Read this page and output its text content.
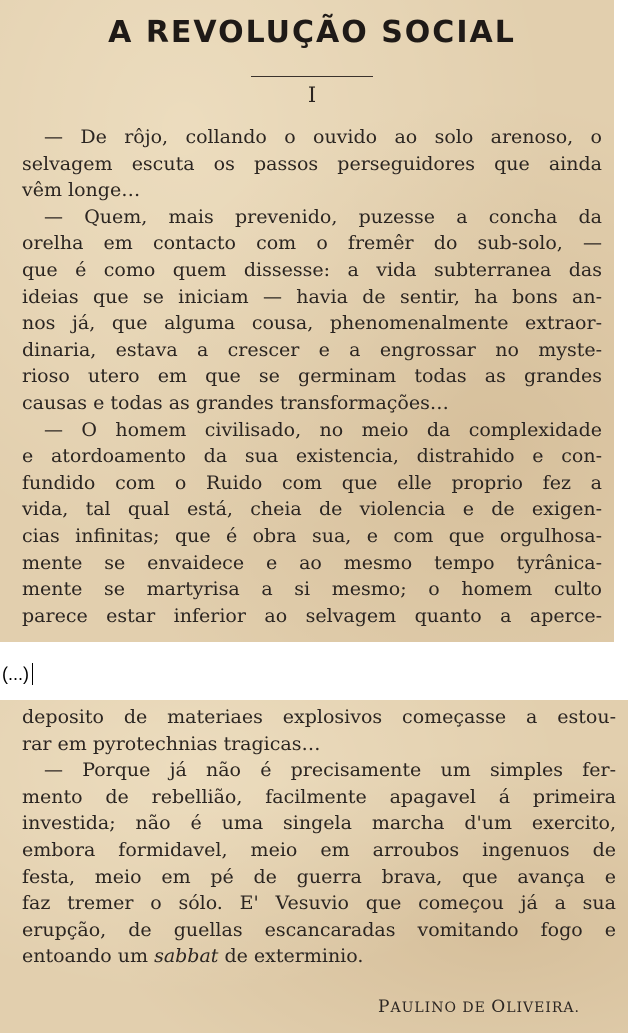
A REVOLUÇÃO SOCIAL
I
— De rôjo, collando o ouvido ao solo arenoso, o
selvagem escuta os passos perseguidores que ainda
vêm longe…
— Quem, mais prevenido, puzesse a concha da
orelha em contacto com o fremêr do sub-solo, —
que é como quem dissesse: a vida subterranea das
ideias que se iniciam — havia de sentir, ha bons an-
nos já, que alguma cousa, phenomenalmente extraor-
dinaria, estava a crescer e a engrossar no myste-
rioso utero em que se germinam todas as grandes
causas e todas as grandes transformações…
— O homem civilisado, no meio da complexidade
e atordoamento da sua existencia, distrahido e con-
fundido com o Ruido com que elle proprio fez a
vida, tal qual está, cheia de violencia e de exigen-
cias infinitas; que é obra sua, e com que orgulhosa-
mente se envaidece e ao mesmo tempo tyrânica-
mente se martyrisa a si mesmo; o homem culto
parece estar inferior ao selvagem quanto a aperce-
(...)
deposito de materiaes explosivos começasse a estou-
rar em pyrotechnias tragicas…
— Porque já não é precisamente um simples fer-
mento de rebellião, facilmente apagavel á primeira
investida; não é uma singela marcha d'um exercito,
embora formidavel, meio em arroubos ingenuos de
festa, meio em pé de guerra brava, que avança e
faz tremer o sólo. E' Vesuvio que começou já a sua
erupção, de guellas escancaradas vomitando fogo e
entoando um sabbat de exterminio.
PAULINO DE OLIVEIRA.
